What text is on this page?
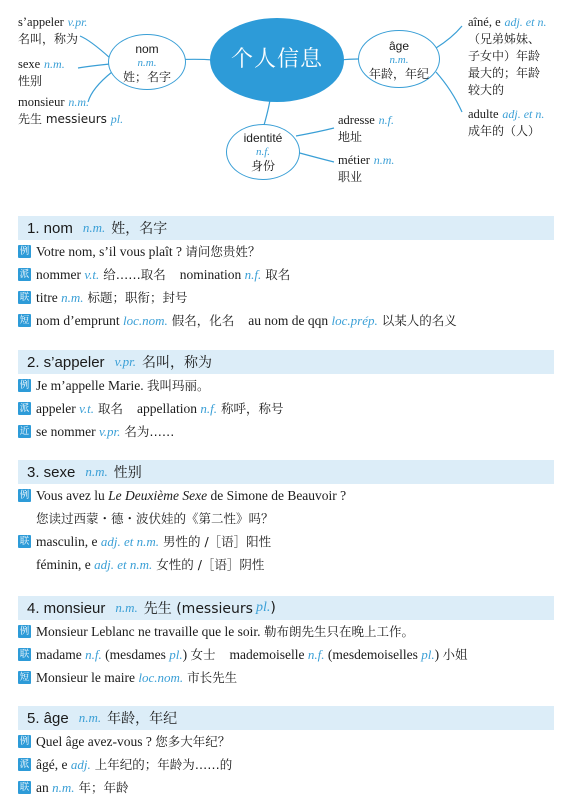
个人信息
nom
n.m.
姓；名字
âge
n.m.
年龄，年纪
identité
n.f.
身份
s’appeler v.pr.
名叫，称为
sexe n.m.
性别
monsieur n.m.
先生 messieurs pl.
aîné, e adj. et n.
（兄弟姊妹、
子女中）年龄
最大的；年龄
较大的
adulte adj. et n.
成年的（人）
adresse n.f.
地址
métier n.m.
职业
1. nom n.m. 姓，名字
例 Votre nom, s’il vous plaît ? 请问您贵姓？
派 nommer v.t. 给……取名 nomination n.f. 取名
联 titre n.m. 标题；职衔；封号
短 nom d’emprunt loc.nom. 假名，化名 au nom de qqn loc.prép. 以某人的名义
2. s’appeler v.pr. 名叫，称为
例 Je m’appelle Marie. 我叫玛丽。
派 appeler v.t. 取名 appellation n.f. 称呼，称号
近 se nommer v.pr. 名为……
3. sexe n.m. 性别
例 Vous avez lu Le Deuxième Sexe de Simone de Beauvoir ?
您读过西蒙・德・波伏娃的《第二性》吗？
联 masculin, e adj. et n.m. 男性的 /［语］阳性
féminin, e adj. et n.m. 女性的 /［语］阴性
4. monsieur n.m. 先生 (messieurs pl. )
例 Monsieur Leblanc ne travaille que le soir. 勒布朗先生只在晚上工作。
联 madame n.f. (mesdames pl.) 女士 mademoiselle n.f. (mesdemoiselles pl.) 小姐
短 Monsieur le maire loc.nom. 市长先生
5. âge n.m. 年龄，年纪
例 Quel âge avez-vous ? 您多大年纪？
派 âgé, e adj. 上年纪的；年龄为……的
联 an n.m. 年；年龄
